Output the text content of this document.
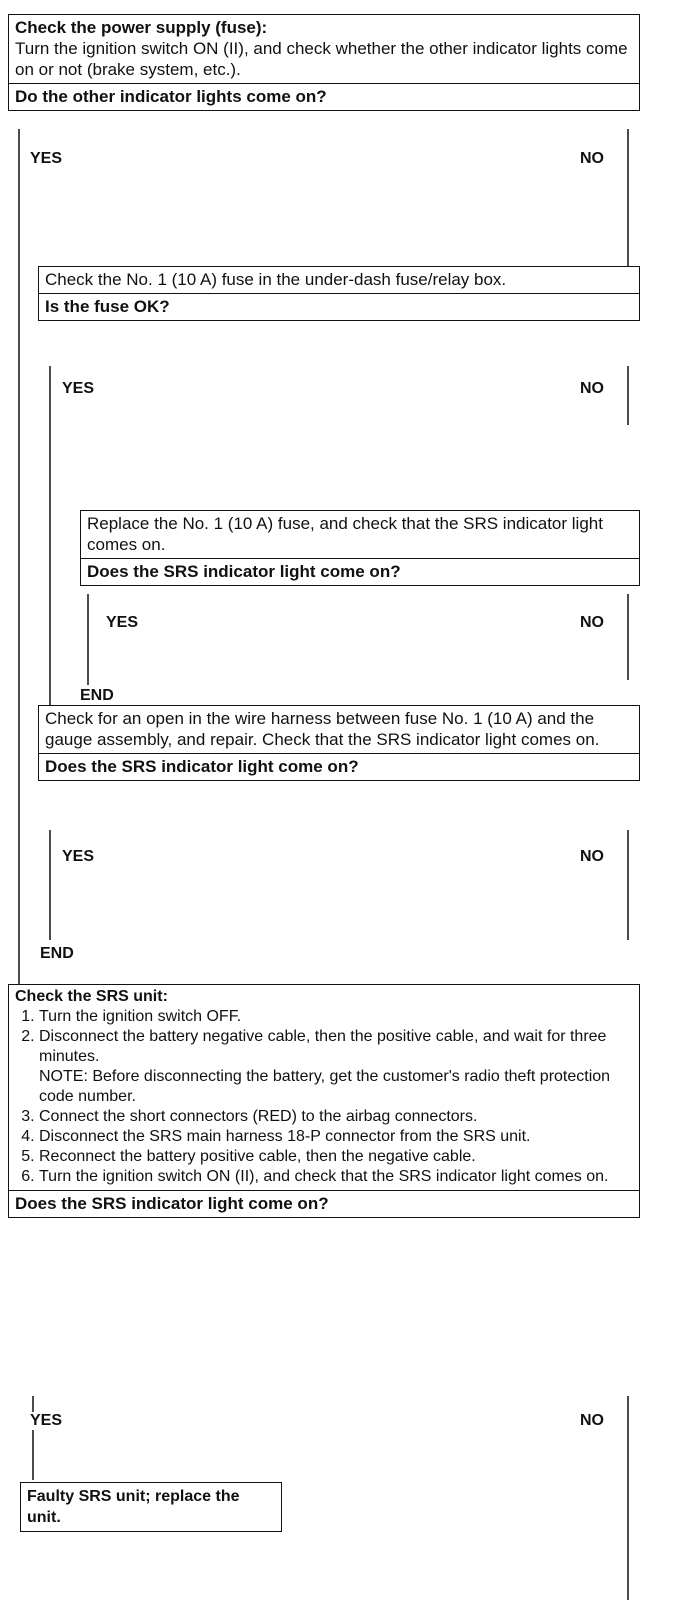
Check the power supply (fuse):
Turn the ignition switch ON (II), and check whether the other indicator lights come on or not (brake system, etc.).
Do the other indicator lights come on?
YES	NO
Check the No. 1 (10 A) fuse in the under-dash fuse/relay box.
Is the fuse OK?
YES	NO
Replace the No. 1 (10 A) fuse, and check that the SRS indicator light comes on.
Does the SRS indicator light come on?
YES	NO
END
Check for an open in the wire harness between fuse No. 1 (10 A) and the gauge assembly, and repair. Check that the SRS indicator light comes on.
Does the SRS indicator light come on?
YES	NO
END
Check the SRS unit:
1. Turn the ignition switch OFF.
2. Disconnect the battery negative cable, then the positive cable, and wait for three minutes.
NOTE: Before disconnecting the battery, get the customer's radio theft protection code number.
3. Connect the short connectors (RED) to the airbag connectors.
4. Disconnect the SRS main harness 18-P connector from the SRS unit.
5. Reconnect the battery positive cable, then the negative cable.
6. Turn the ignition switch ON (II), and check that the SRS indicator light comes on.
Does the SRS indicator light come on?
YES	NO
Faulty SRS unit; replace the unit.
